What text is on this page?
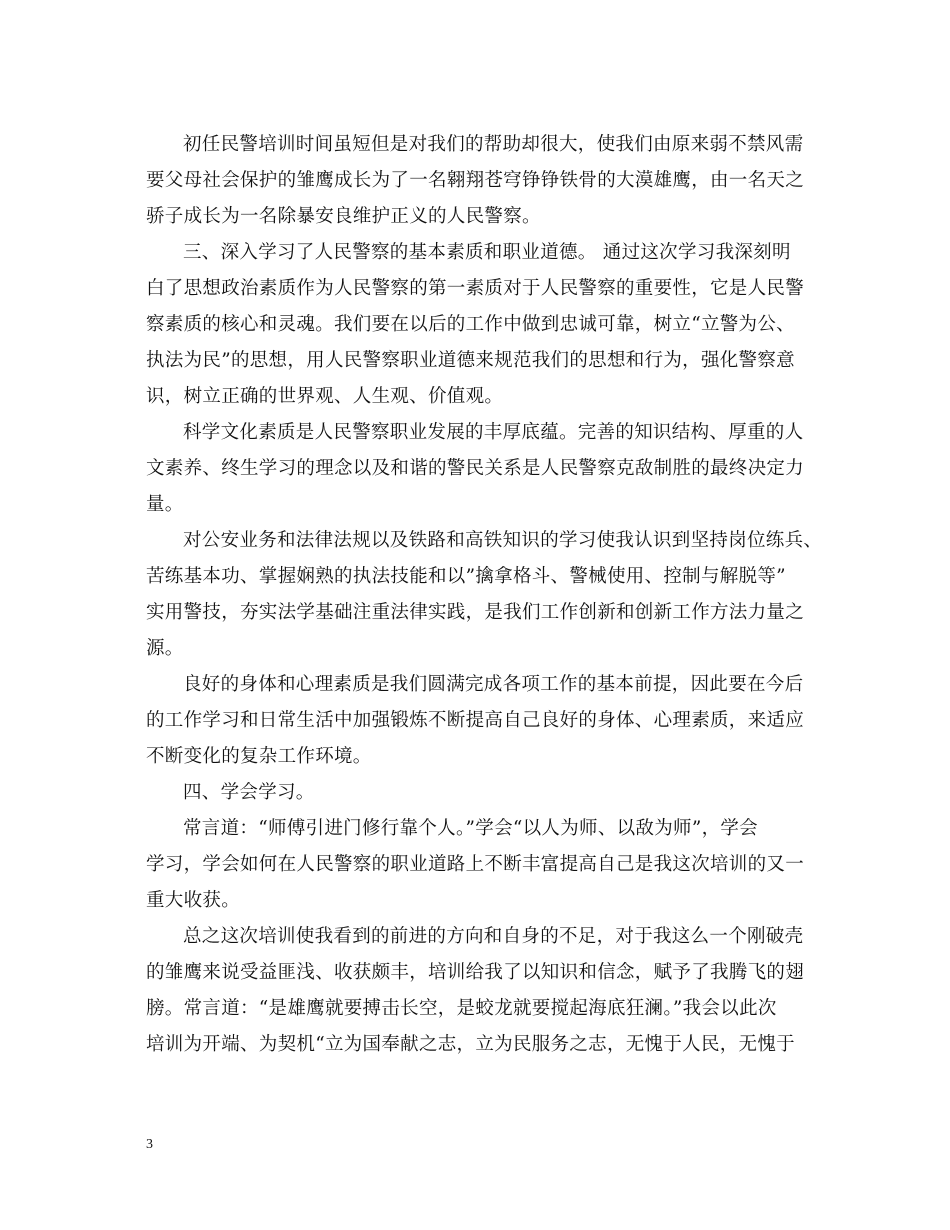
初任民警培训时间虽短但是对我们的帮助却很大，使我们由原来弱不禁风需
要父母社会保护的雏鹰成长为了一名翱翔苍穹铮铮铁骨的大漠雄鹰，由一名天之
骄子成长为一名除暴安良维护正义的人民警察。
三、深入学习了人民警察的基本素质和职业道德。 通过这次学习我深刻明
白了思想政治素质作为人民警察的第一素质对于人民警察的重要性，它是人民警
察素质的核心和灵魂。我们要在以后的工作中做到忠诚可靠，树立“立警为公、
执法为民”的思想，用人民警察职业道德来规范我们的思想和行为，强化警察意
识，树立正确的世界观、人生观、价值观。
科学文化素质是人民警察职业发展的丰厚底蕴。完善的知识结构、厚重的人
文素养、终生学习的理念以及和谐的警民关系是人民警察克敌制胜的最终决定力
量。
对公安业务和法律法规以及铁路和高铁知识的学习使我认识到坚持岗位练兵、
苦练基本功、掌握娴熟的执法技能和以”擒拿格斗、警械使用、控制与解脱等”
实用警技，夯实法学基础注重法律实践，是我们工作创新和创新工作方法力量之
源。
良好的身体和心理素质是我们圆满完成各项工作的基本前提，因此要在今后
的工作学习和日常生活中加强锻炼不断提高自己良好的身体、心理素质，来适应
不断变化的复杂工作环境。
四、学会学习。
常言道：“师傅引进门修行靠个人。”学会“以人为师、以敌为师”，学会
学习，学会如何在人民警察的职业道路上不断丰富提高自己是我这次培训的又一
重大收获。
总之这次培训使我看到的前进的方向和自身的不足，对于我这么一个刚破壳
的雏鹰来说受益匪浅、收获颇丰，培训给我了以知识和信念，赋予了我腾飞的翅
膀。常言道：“是雄鹰就要搏击长空，是蛟龙就要搅起海底狂澜。”我会以此次
培训为开端、为契机“立为国奉献之志，立为民服务之志，无愧于人民，无愧于
3
